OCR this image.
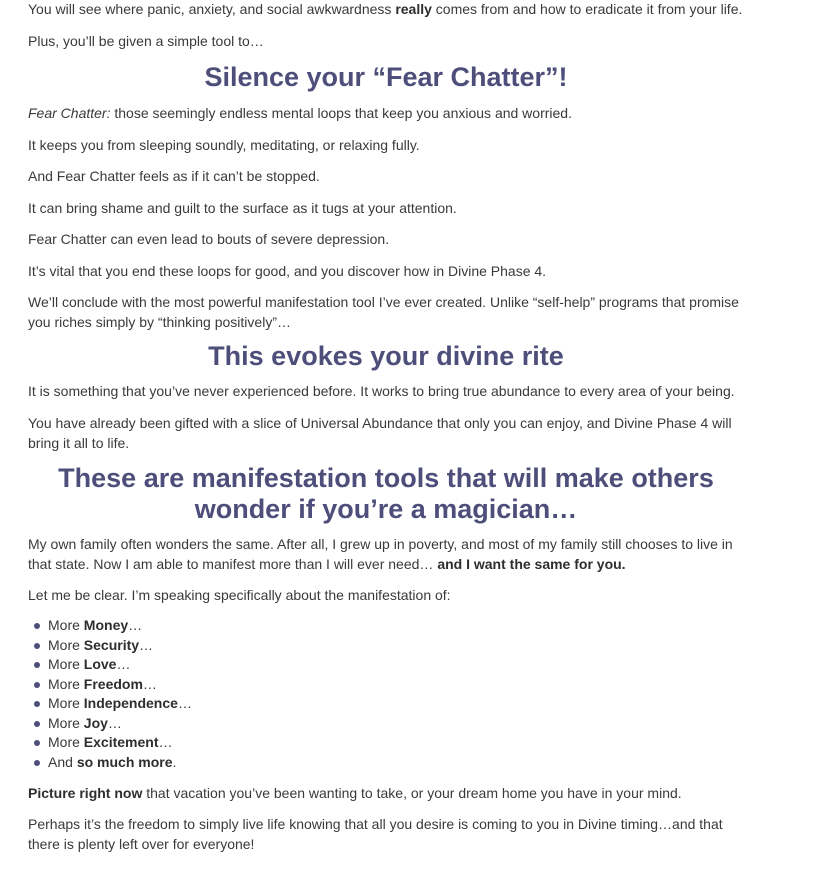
You will see where panic, anxiety, and social awkwardness really comes from and how to eradicate it from your life.

Plus, you’ll be given a simple tool to…

Silence your “Fear Chatter”!

Fear Chatter: those seemingly endless mental loops that keep you anxious and worried.

It keeps you from sleeping soundly, meditating, or relaxing fully.

And Fear Chatter feels as if it can’t be stopped.

It can bring shame and guilt to the surface as it tugs at your attention.

Fear Chatter can even lead to bouts of severe depression.

It’s vital that you end these loops for good, and you discover how in Divine Phase 4.

We’ll conclude with the most powerful manifestation tool I’ve ever created. Unlike “self-help” programs that promise you riches simply by “thinking positively”…

This evokes your divine rite

It is something that you’ve never experienced before. It works to bring true abundance to every area of your being.

You have already been gifted with a slice of Universal Abundance that only you can enjoy, and Divine Phase 4 will bring it all to life.

These are manifestation tools that will make others wonder if you’re a magician…

My own family often wonders the same. After all, I grew up in poverty, and most of my family still chooses to live in that state. Now I am able to manifest more than I will ever need… and I want the same for you.

Let me be clear. I’m speaking specifically about the manifestation of:

More Money…
More Security…
More Love…
More Freedom…
More Independence…
More Joy…
More Excitement…
And so much more.

Picture right now that vacation you’ve been wanting to take, or your dream home you have in your mind.

Perhaps it’s the freedom to simply live life knowing that all you desire is coming to you in Divine timing…and that there is plenty left over for everyone!
